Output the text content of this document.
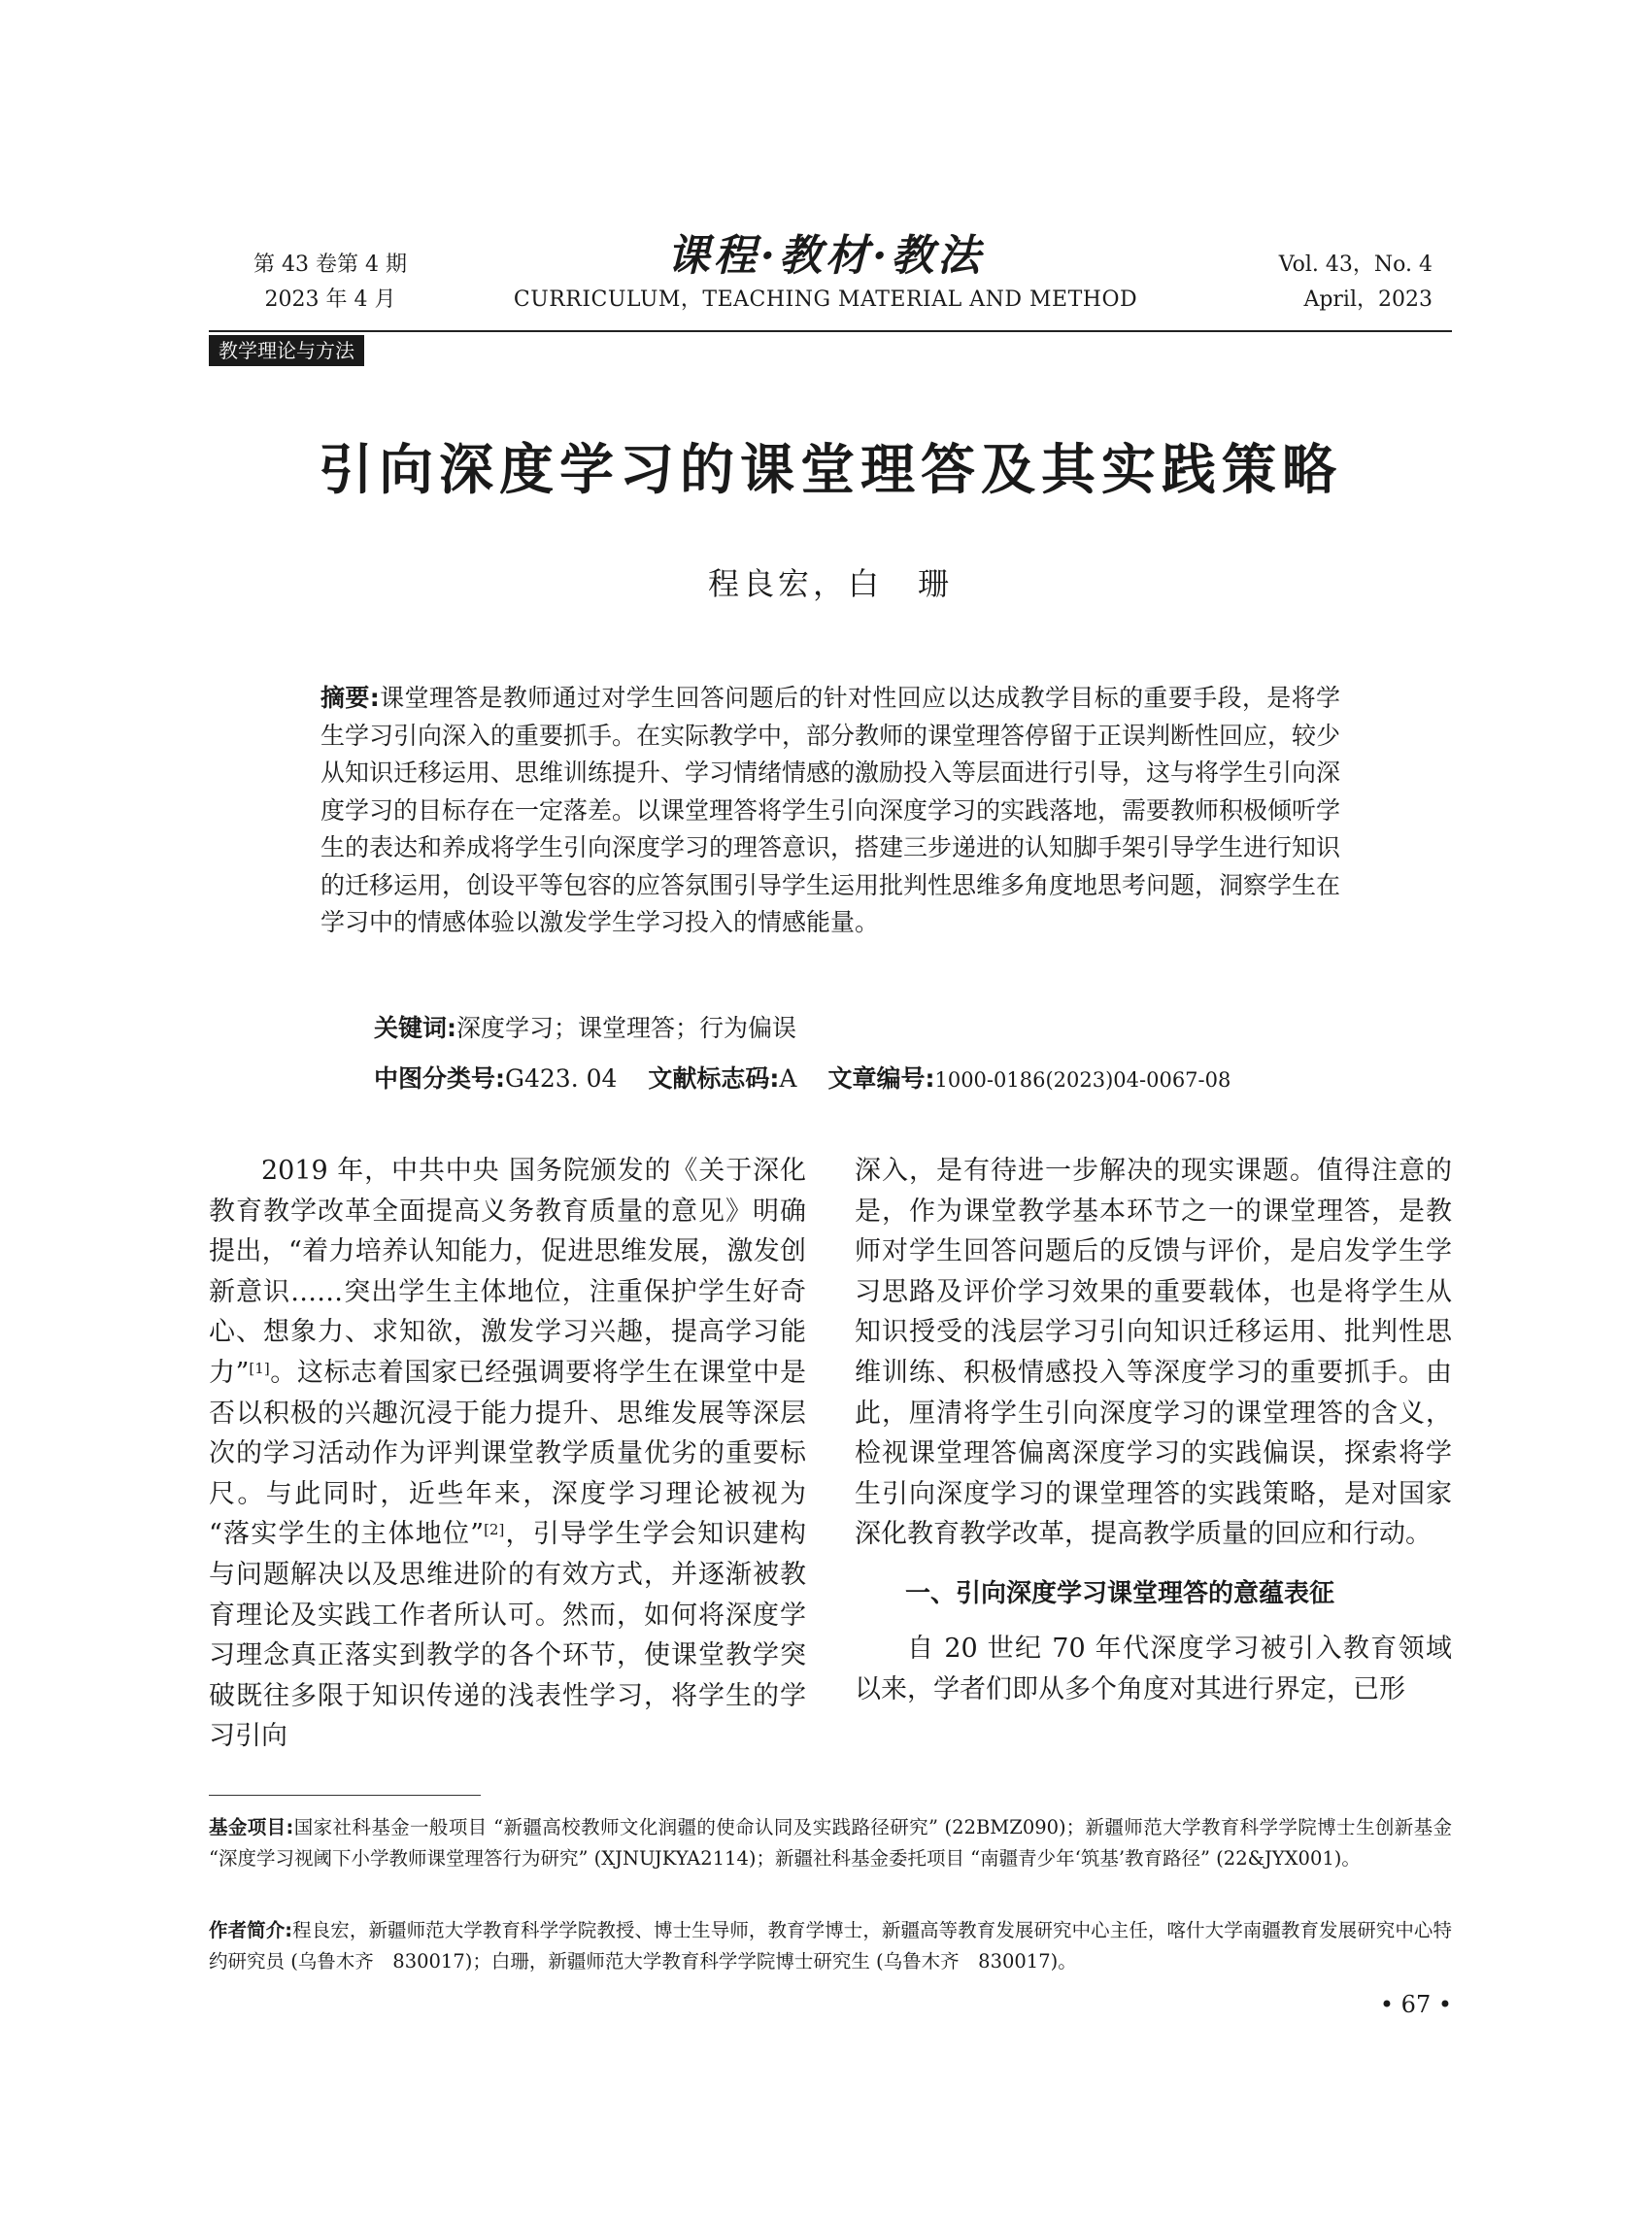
第 43 卷第 4 期
2023 年 4 月
课程·教材·教法
CURRICULUM，TEACHING MATERIAL AND METHOD
Vol. 43，No. 4
April，2023
教学理论与方法
引向深度学习的课堂理答及其实践策略
程良宏，白　珊
摘要:课堂理答是教师通过对学生回答问题后的针对性回应以达成教学目标的重要手段，是将学生学习引向深入的重要抓手。在实际教学中，部分教师的课堂理答停留于正误判断性回应，较少从知识迁移运用、思维训练提升、学习情绪情感的激励投入等层面进行引导，这与将学生引向深度学习的目标存在一定落差。以课堂理答将学生引向深度学习的实践落地，需要教师积极倾听学生的表达和养成将学生引向深度学习的理答意识，搭建三步递进的认知脚手架引导学生进行知识的迁移运用，创设平等包容的应答氛围引导学生运用批判性思维多角度地思考问题，洞察学生在学习中的情感体验以激发学生学习投入的情感能量。
关键词:深度学习；课堂理答；行为偏误
中图分类号:G423. 04 文献标志码:A 文章编号:1000-0186(2023)04-0067-08

2019 年，中共中央 国务院颁发的《关于深化教育教学改革全面提高义务教育质量的意见》明确提出，“着力培养认知能力，促进思维发展，激发创新意识……突出学生主体地位，注重保护学生好奇心、想象力、求知欲，激发学习兴趣，提高学习能力”[1]。这标志着国家已经强调要将学生在课堂中是否以积极的兴趣沉浸于能力提升、思维发展等深层次的学习活动作为评判课堂教学质量优劣的重要标尺。与此同时，近些年来，深度学习理论被视为 “落实学生的主体地位”[2]，引导学生学会知识建构与问题解决以及思维进阶的有效方式，并逐渐被教育理论及实践工作者所认可。然而，如何将深度学习理念真正落实到教学的各个环节，使课堂教学突破既往多限于知识传递的浅表性学习，将学生的学习引向

深入，是有待进一步解决的现实课题。值得注意的是，作为课堂教学基本环节之一的课堂理答，是教师对学生回答问题后的反馈与评价，是启发学生学习思路及评价学习效果的重要载体，也是将学生从知识授受的浅层学习引向知识迁移运用、批判性思维训练、积极情感投入等深度学习的重要抓手。由此，厘清将学生引向深度学习的课堂理答的含义，检视课堂理答偏离深度学习的实践偏误，探索将学生引向深度学习的课堂理答的实践策略，是对国家深化教育教学改革，提高教学质量的回应和行动。

一、引向深度学习课堂理答的意蕴表征

自 20 世纪 70 年代深度学习被引入教育领域以来，学者们即从多个角度对其进行界定，已形

基金项目:国家社科基金一般项目 “新疆高校教师文化润疆的使命认同及实践路径研究” (22BMZ090)；新疆师范大学教育科学学院博士生创新基金 “深度学习视阈下小学教师课堂理答行为研究” (XJNUJKYA2114)；新疆社科基金委托项目 “南疆青少年‘筑基’教育路径” (22&JYX001)。
作者简介:程良宏，新疆师范大学教育科学学院教授、博士生导师，教育学博士，新疆高等教育发展研究中心主任，喀什大学南疆教育发展研究中心特约研究员 (乌鲁木齐　830017)；白珊，新疆师范大学教育科学学院博士研究生 (乌鲁木齐　830017)。
• 67 •
